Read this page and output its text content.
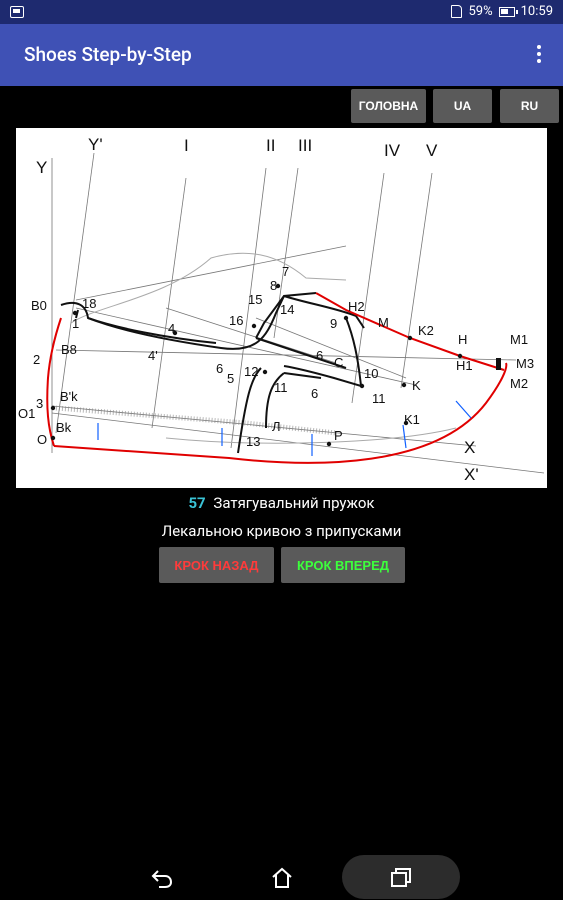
59% 10:59
Shoes Step-by-Step
ГОЛОВНА	UA	RU
Y
Y'	I	II III	IV V
X
X'
18
1
2
3
4
4'
5
6
6
6
7
8
9
10
11
11
12
13
14
15
16
B0
B8
B'k
Bk
O1
O
H2
M
K2
H
H1
M1
M3
M2
K
K1
C
P
Л
57 Затягувальний пружок
Лекальною кривою з припусками
КРОК НАЗАД	КРОК ВПЕРЕД
